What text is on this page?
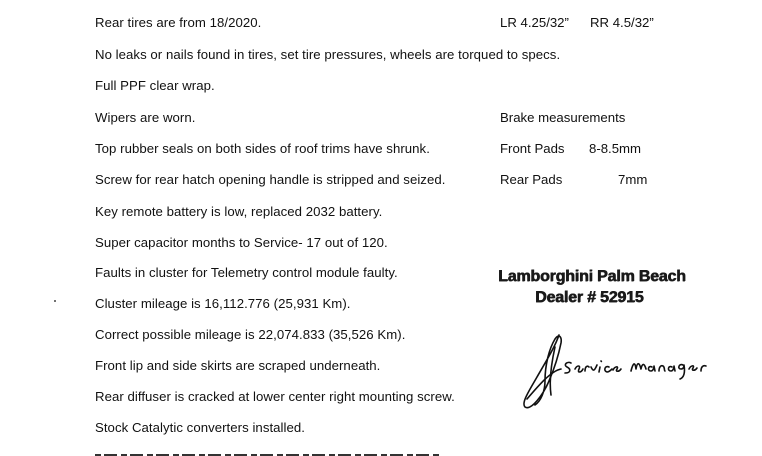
Rear tires are from 18/2020.	LR 4.25/32” RR 4.5/32”
No leaks or nails found in tires, set tire pressures, wheels are torqued to specs.
Full PPF clear wrap.
Wipers are worn.	Brake measurements
Top rubber seals on both sides of roof trims have shrunk.	Front Pads 8-8.5mm
Screw for rear hatch opening handle is stripped and seized.	Rear Pads	7mm
Key remote battery is low, replaced 2032 battery.
Super capacitor months to Service- 17 out of 120.
Faults in cluster for Telemetry control module faulty.
Cluster mileage is 16,112.776 (25,931 Km).
Correct possible mileage is 22,074.833 (35,526 Km).
Front lip and side skirts are scraped underneath.
Rear diffuser is cracked at lower center right mounting screw.
Stock Catalytic converters installed.
Lamborghini Palm Beach
Dealer # 52915
